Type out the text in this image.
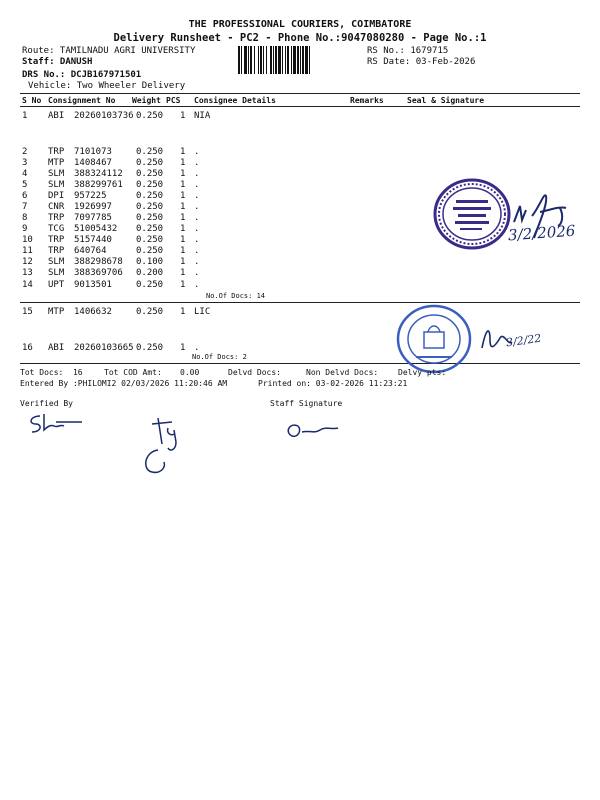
THE PROFESSIONAL COURIERS, COIMBATORE
Delivery Runsheet - PC2 - Phone No.:9047080280 - Page No.:1
Route: TAMILNADU AGRI UNIVERSITY
Staff: DANUSH
DRS No.: DCJB167971501
Vehicle: Two Wheeler Delivery
RS No.: 1679715
RS Date: 03-Feb-2026
S No Consignment No Weight PCS Consignee Details	Remarks	Seal & Signature
1 ABI 20260103736 0.250 1 NIA
2 TRP 7101073	0.250 1 .
3 MTP 1408467	0.250 1 .
4 SLM 388324112 0.250 1 .
5 SLM 388299761 0.250 1 .
6 DPI 957225	0.250 1 .
7 CNR 1926997	0.250 1 .
8 TRP 7097785	0.250 1 .
9 TCG 51005432 0.250 1 .
10 TRP 5157440	0.250 1 .
11 TRP 640764	0.250 1 .
12 SLM 388298678 0.100 1 .
13 SLM 388369706 0.200 1 .
14 UPT 9013501	0.250 1 .
No.Of Docs: 14
15 MTP 1406632	0.250 1 LIC
16 ABI 20260103665 0.250 1 .
No.Of Docs: 2
3/2/2026
3/2/22
Tot Docs:  16	Tot COD Amt: 0.00	Delvd Docs:	Non Delvd Docs: Delvy pts:
Entered By :PHILOMI2 02/03/2026 11:20:46 AM	Printed on: 03-02-2026 11:23:21
Verified By	Staff Signature
